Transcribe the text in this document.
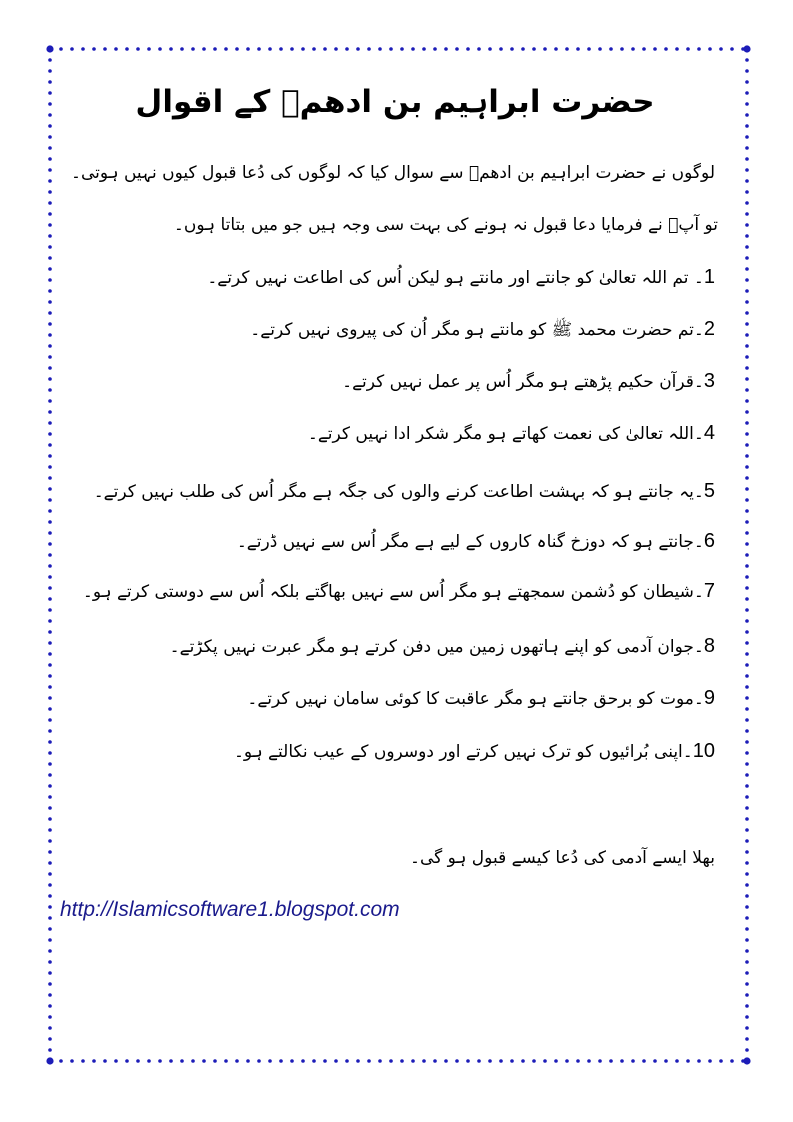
حضرت ابراہیم بن ادھمؒ کے اقوال
لوگوں نے حضرت ابراہیم بن ادھمؒ سے سوال کیا کہ لوگوں کی دُعا قبول کیوں نہیں ہوتی۔
تو آپؒ نے فرمایا دعا قبول نہ ہونے کی بہت سی وجہ ہیں جو میں بتاتا ہوں۔
1۔ تم اللہ تعالیٰ کو جانتے اور مانتے ہو لیکن اُس کی اطاعت نہیں کرتے۔
2۔تم حضرت محمد ﷺ کو مانتے ہو مگر اُن کی پیروی نہیں کرتے۔
3۔قرآن حکیم پڑھتے ہو مگر اُس پر عمل نہیں کرتے۔
4۔اللہ تعالیٰ کی نعمت کھاتے ہو مگر شکر ادا نہیں کرتے۔
5۔یہ جانتے ہو کہ بہشت اطاعت کرنے والوں کی جگہ ہے مگر اُس کی طلب نہیں کرتے۔
6۔جانتے ہو کہ دوزخ گناہ کاروں کے لیے ہے مگر اُس سے نہیں ڈرتے۔
7۔شیطان کو دُشمن سمجھتے ہو مگر اُس سے نہیں بھاگتے بلکہ اُس سے دوستی کرتے ہو۔
8۔جوان آدمی کو اپنے ہاتھوں زمین میں دفن کرتے ہو مگر عبرت نہیں پکڑتے۔
9۔موت کو برحق جانتے ہو مگر عاقبت کا کوئی سامان نہیں کرتے۔
10۔اپنی بُرائیوں کو ترک نہیں کرتے اور دوسروں کے عیب نکالتے ہو۔
بھلا ایسے آدمی کی دُعا کیسے قبول ہو گی۔
http://Islamicsoftware1.blogspot.com
